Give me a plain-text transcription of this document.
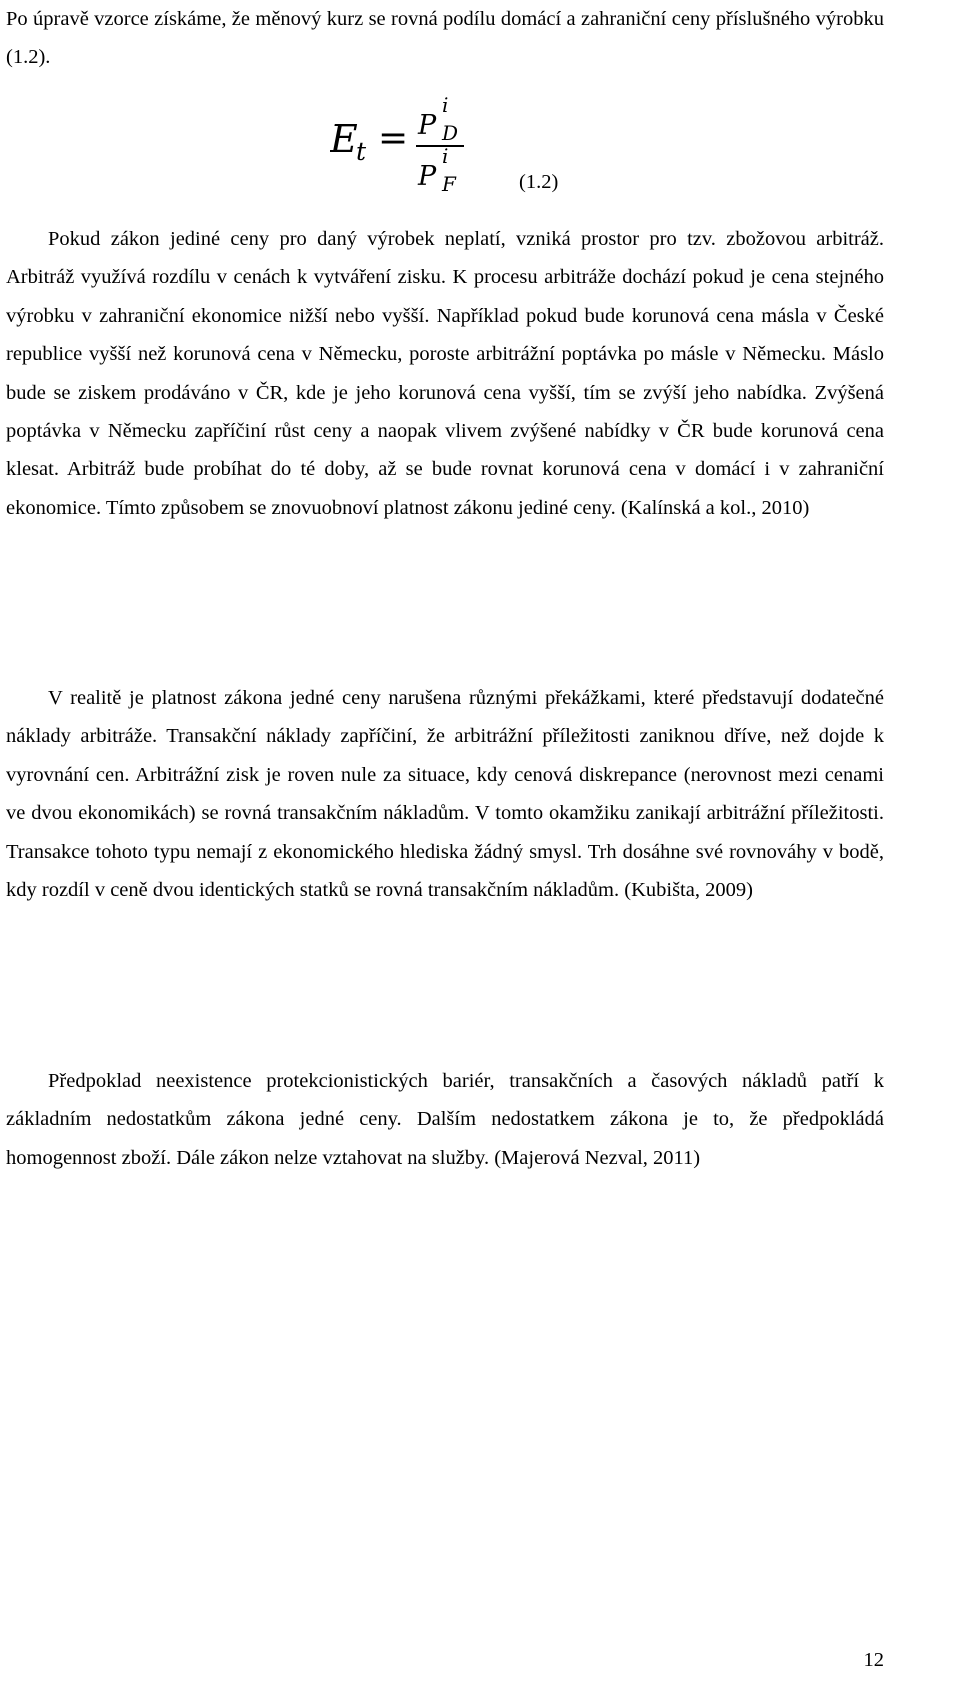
Po úpravě vzorce získáme, že měnový kurz se rovná podílu domácí a zahraniční ceny příslušného výrobku (1.2).

E
t
P
i
D
P
i
F
=
(1.2)

Pokud zákon jediné ceny pro daný výrobek neplatí, vzniká prostor pro tzv. zbožovou arbitráž. Arbitráž využívá rozdílu v cenách k vytváření zisku. K procesu arbitráže dochází pokud je cena stejného výrobku v zahraniční ekonomice nižší nebo vyšší. Například pokud bude korunová cena másla v České republice vyšší než korunová cena v Německu, poroste arbitrážní poptávka po másle v Německu. Máslo bude se ziskem prodáváno v ČR, kde je jeho korunová cena vyšší, tím se zvýší jeho nabídka. Zvýšená poptávka v Německu zapříčiní růst ceny a naopak vlivem zvýšené nabídky v ČR bude korunová cena klesat. Arbitráž bude probíhat do té doby, až se bude rovnat korunová cena v domácí i v zahraniční ekonomice. Tímto způsobem se znovuobnoví platnost zákonu jediné ceny. (Kalínská a kol., 2010)

V realitě je platnost zákona jedné ceny narušena různými překážkami, které představují dodatečné náklady arbitráže. Transakční náklady zapříčiní, že arbitrážní příležitosti zaniknou dříve, než dojde k vyrovnání cen. Arbitrážní zisk je roven nule za situace, kdy cenová diskrepance (nerovnost mezi cenami ve dvou ekonomikách) se rovná transakčním nákladům. V tomto okamžiku zanikají arbitrážní příležitosti. Transakce tohoto typu nemají z ekonomického hlediska žádný smysl. Trh dosáhne své rovnováhy v bodě, kdy rozdíl v ceně dvou identických statků se rovná transakčním nákladům. (Kubišta, 2009)

Předpoklad neexistence protekcionistických bariér, transakčních a časových nákladů patří k základním nedostatkům zákona jedné ceny. Dalším nedostatkem zákona je to, že předpokládá homogennost zboží. Dále zákon nelze vztahovat na služby. (Majerová Nezval, 2011)

12
